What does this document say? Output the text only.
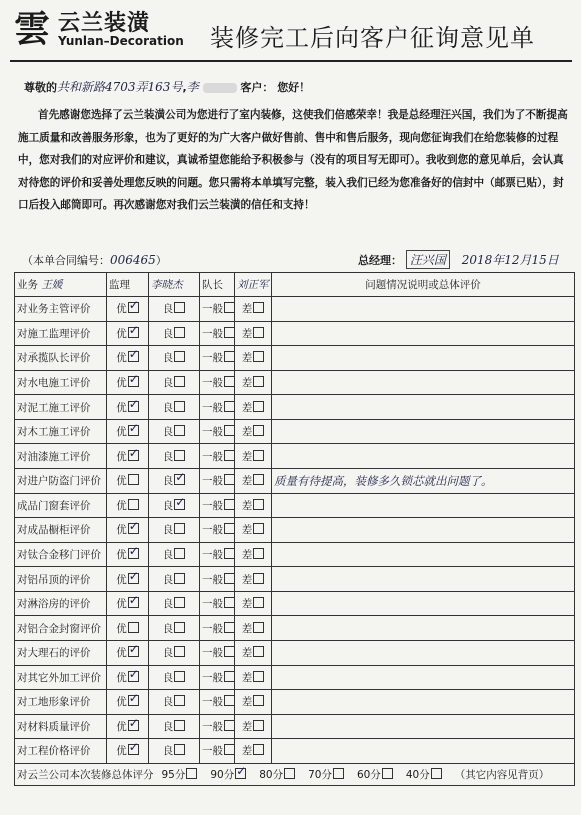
雲 云兰装潢
Yunlan–Decoration 装修完工后向客户征询意见单
尊敬的共和新路4703弄163号,李	客户： 您好！
首先感谢您选择了云兰装潢公司为您进行了室内装修，这使我们倍感荣幸！我是总经理汪兴国，我们为了不断提高施工质量和改善服务形象，也为了更好的为广大客户做好售前、售中和售后服务，现向您征询我们在给您装修的过程中，您对我们的对应评价和建议，真诚希望您能给予积极参与（没有的项目写无即可）。我收到您的意见单后，会认真对待您的评价和妥善处理您反映的问题。您只需将本单填写完整，装入我们已经为您准备好的信封中（邮票已贴），封口后投入邮筒即可。再次感谢您对我们云兰装潢的信任和支持！
（本单合同编号：006465）	总经理： 汪兴国 2018年12月15日
业务 王媛	监理	李晓杰	队长	刘正军	问题情况说明或总体评价
对业务主管评价	优✓	良	一般	差	
对施工监理评价	优✓	良	一般	差	
对承揽队长评价	优✓	良	一般	差	
对水电施工评价	优✓	良	一般	差	
对泥工施工评价	优✓	良	一般	差	
对木工施工评价	优✓	良	一般	差	
对油漆施工评价	优✓	良	一般	差	
对进户防盗门评价	优	良✓	一般	差	质量有待提高，装修多久锁芯就出问题了。
成品门窗套评价	优	良✓	一般	差	
对成品橱柜评价	优✓	良	一般	差	
对钛合金移门评价	优✓	良	一般	差	
对铝吊顶的评价	优✓	良	一般	差	
对淋浴房的评价	优✓	良	一般	差	
对铝合金封窗评价	优	良	一般	差	
对大理石的评价	优✓	良	一般	差	
对其它外加工评价	优✓	良	一般	差	
对工地形象评价	优✓	良	一般	差	
对材料质量评价	优✓	良	一般	差	
对工程价格评价	优✓	良	一般	差	
对云兰公司本次装修总体评分 95分 90分 ✓ 80分 70分 60分 40分 （其它内容见背页）
